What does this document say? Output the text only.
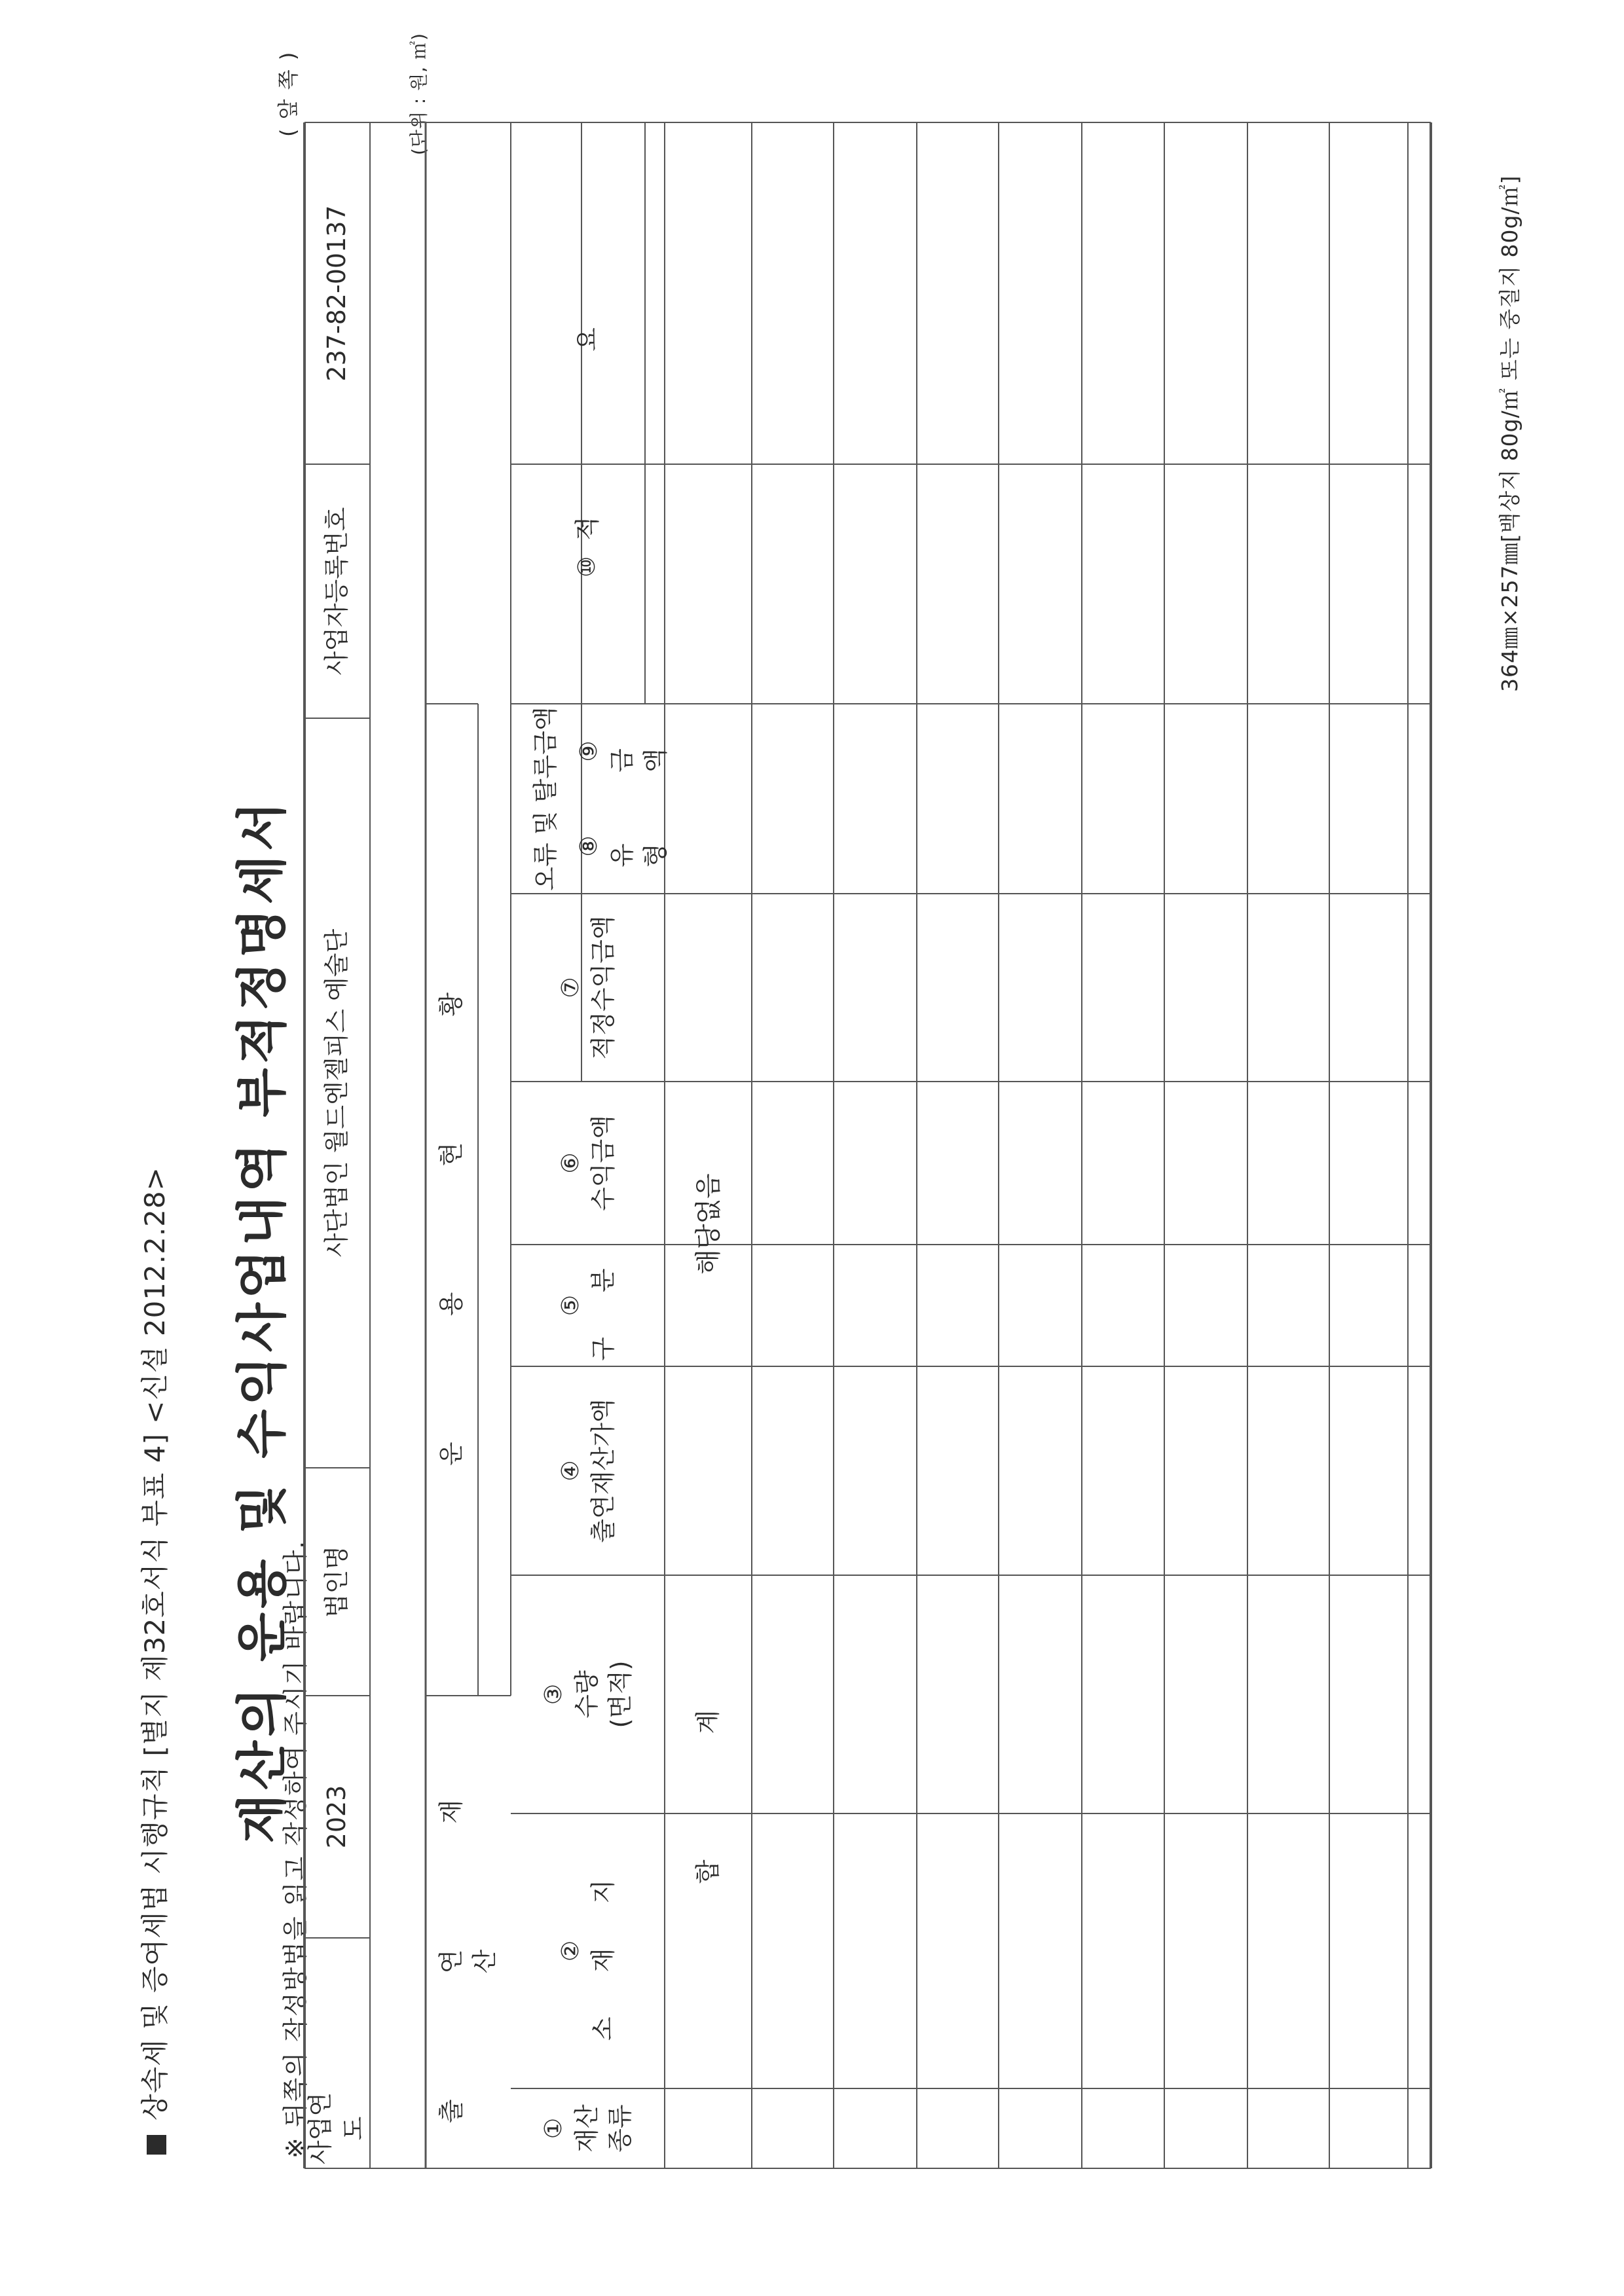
상속세 및 증여세법 시행규칙 [별지 제32호서식 부표 4] <신설 2012.2.28> 재산의 운용 및 수익사업내역 부적정명세서
※ 뒤쪽의 작성방법을 읽고 작성하여 주시기 바랍니다.
( 앞 쪽 )	(단위 : 원, ㎡)
364㎜×257㎜[백상지 80g/㎡ 또는 중질지 80g/㎡]
사업연도
2023
법인명
사단법인 월드엔젤피스 예술단
사업자등록번호
237-82-00137
출 연 재 산
운 용 현 황
① 재산
종류
② 소 재 지
③ 수량
(면적)
④ 출연재산가액
⑤ 구 분
⑥ 수익금액
⑦ 적정수익금액
오류 및 탈루금액 ⑧ 유 형
⑨ 금 액
⑩
적 요
합 계
해당없음
